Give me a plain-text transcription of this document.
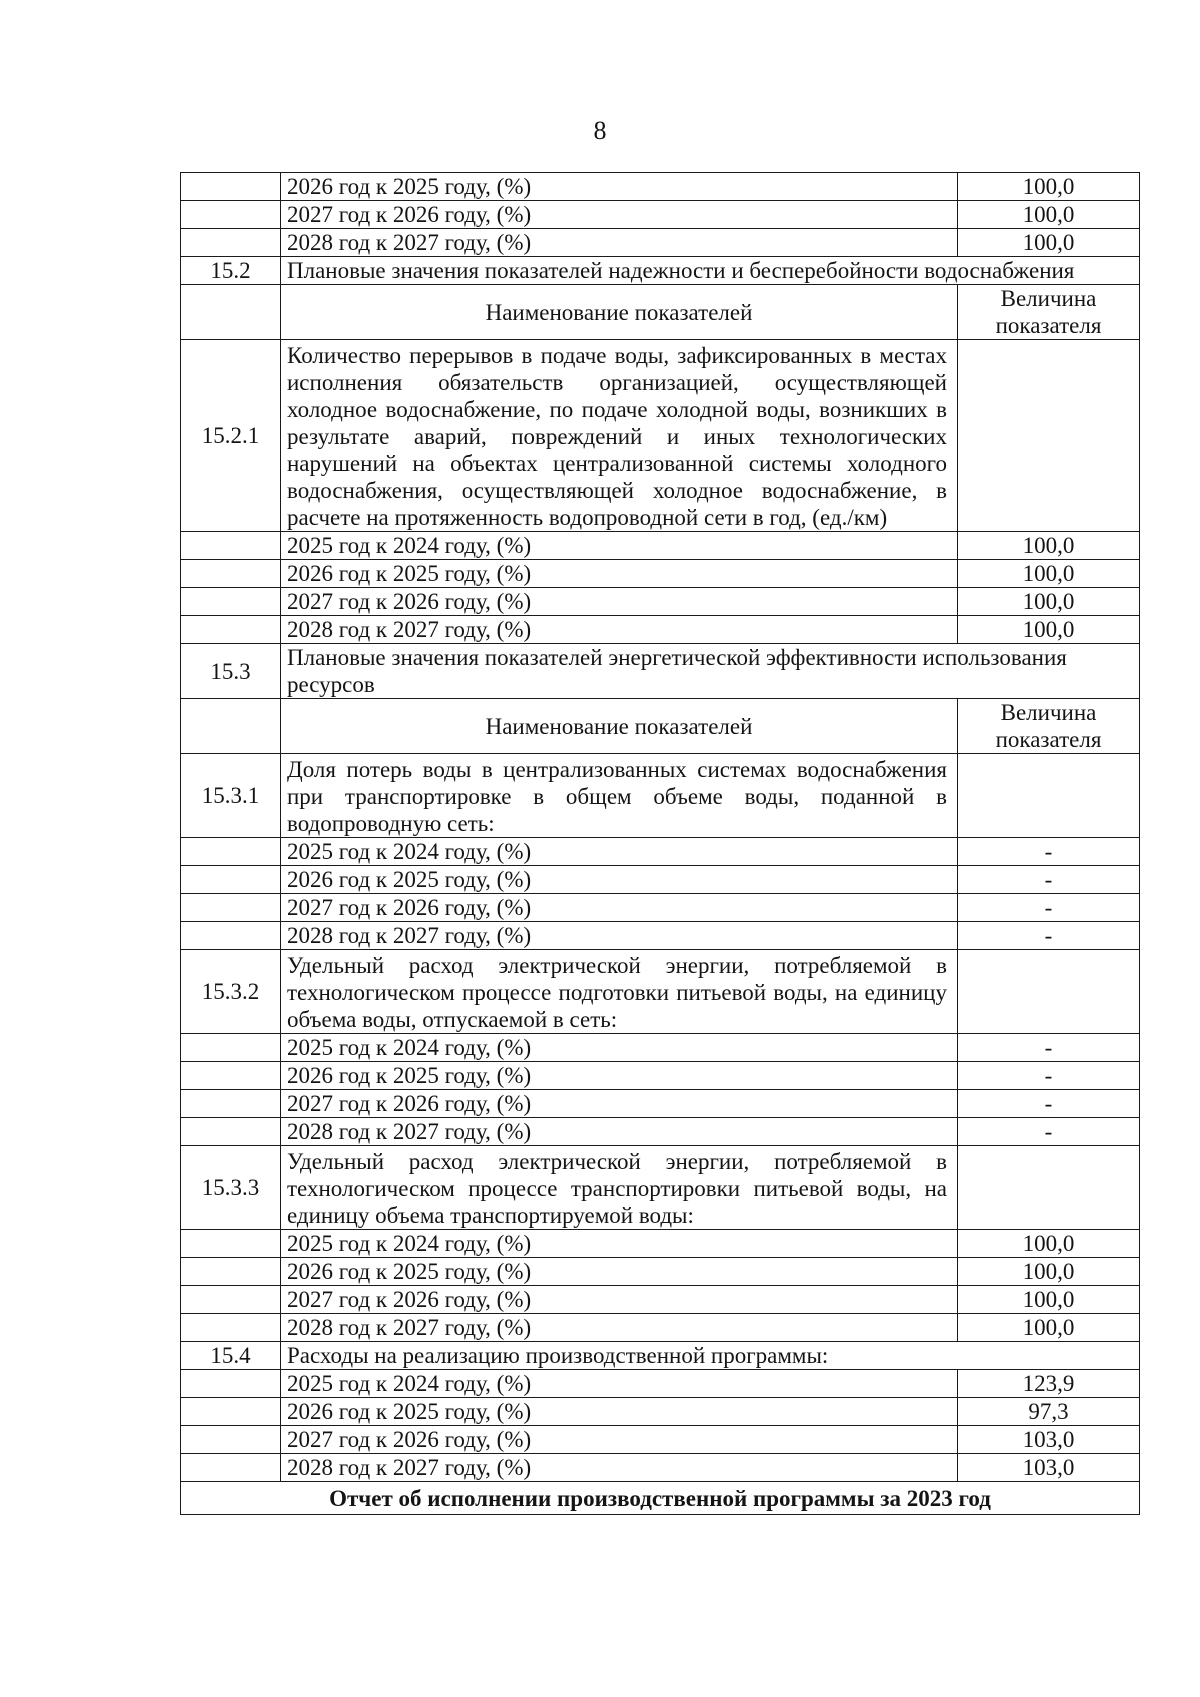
8
	2026 год к 2025 году, (%)	100,0
	2027 год к 2026 году, (%)	100,0
	2028 год к 2027 году, (%)	100,0
15.2	Плановые значения показателей надежности и бесперебойности водоснабжения	
	Наименование показателей	Величина показателя
15.2.1	Количество перерывов в подаче воды, зафиксированных в местах исполнения обязательств организацией, осуществляющей холодное водоснабжение, по подаче холодной воды, возникших в результате аварий, повреждений и иных технологических нарушений на объектах централизованной системы холодного водоснабжения, осуществляющей холодное водоснабжение, в расчете на протяженность водопроводной сети в год, (ед./км)	
	2025 год к 2024 году, (%)	100,0
	2026 год к 2025 году, (%)	100,0
	2027 год к 2026 году, (%)	100,0
	2028 год к 2027 году, (%)	100,0
15.3	Плановые значения показателей энергетической эффективности использования ресурсов	
	Наименование показателей	Величина показателя
15.3.1	Доля потерь воды в централизованных системах водоснабжения при транспортировке в общем объеме воды, поданной в водопроводную сеть:	
	2025 год к 2024 году, (%)	-
	2026 год к 2025 году, (%)	-
	2027 год к 2026 году, (%)	-
	2028 год к 2027 году, (%)	-
15.3.2	Удельный расход электрической энергии, потребляемой в технологическом процессе подготовки питьевой воды, на единицу объема воды, отпускаемой в сеть:	
	2025 год к 2024 году, (%)	-
	2026 год к 2025 году, (%)	-
	2027 год к 2026 году, (%)	-
	2028 год к 2027 году, (%)	-
15.3.3	Удельный расход электрической энергии, потребляемой в технологическом процессе транспортировки питьевой воды, на единицу объема транспортируемой воды:	
	2025 год к 2024 году, (%)	100,0
	2026 год к 2025 году, (%)	100,0
	2027 год к 2026 году, (%)	100,0
	2028 год к 2027 году, (%)	100,0
15.4	Расходы на реализацию производственной программы:	
	2025 год к 2024 году, (%)	123,9
	2026 год к 2025 году, (%)	97,3
	2027 год к 2026 году, (%)	103,0
	2028 год к 2027 году, (%)	103,0
Отчет об исполнении производственной программы за 2023 год		
